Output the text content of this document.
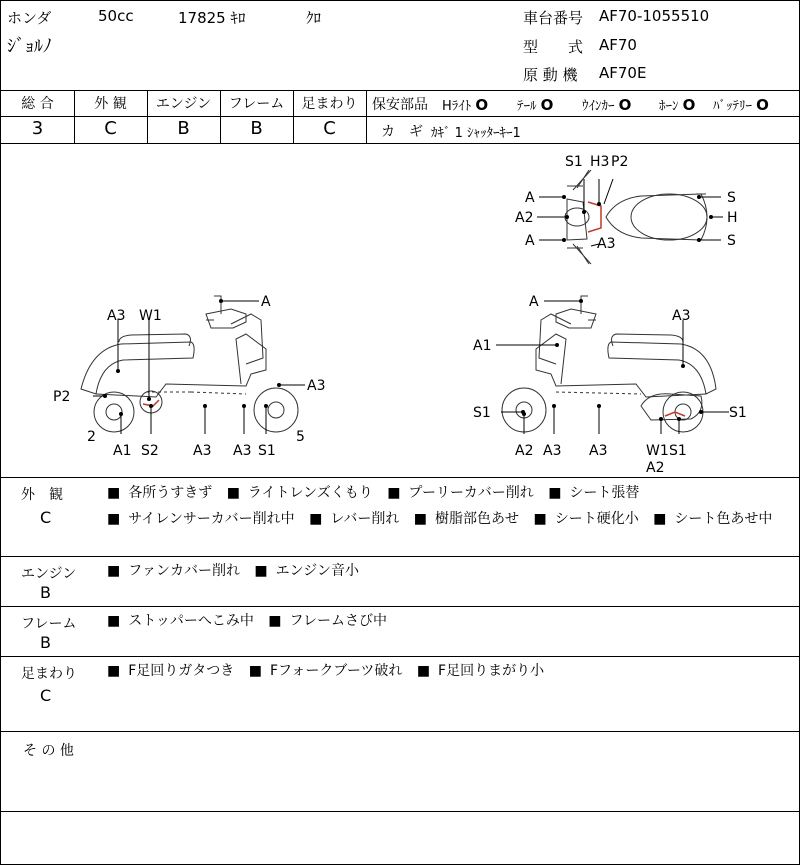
ホンダ	50cc	17825 ｷﾛ	ｸﾛ
ｼﾞｮﾙﾉ
車台番号 AF70-1055510
型　　式 AF70
原 動 機 AF70E
総 合	外 観	エンジン	フレーム	足まわり
3	C	B	B	C
保安部品 Hﾗｲﾄ O ﾃｰﾙ O ｳｲﾝｶｰ O ﾎｰﾝ O ﾊﾞｯﾃﾘｰ O
カ　ギ ｶｷﾞ 1 ｼｬｯﾀｰｷｰ1
S1 H3 P2
A
A2
A	A3
S
H
S
A
A3 W1
A3
P2
2
A1 S2 A3 A3 S1
5
A
A3
A1
S1
A2 A3 A3	W1 S1
A2
S1
外　観
C
■ 各所うすきず	■ ライトレンズくもり	■ プーリーカバー削れ	■ シート張替 ■ サイレンサーカバー削れ中	■ レバー削れ	■ 樹脂部色あせ	■ シート硬化小	■ シート色あせ中
エンジン
B
■ ファンカバー削れ	■ エンジン音小
フレーム
B
■ ストッパーへこみ中	■ フレームさび中
足まわり
C
■ F足回りガタつき	■ Fフォークブーツ破れ	■ F足回りまがり小
そ の 他
